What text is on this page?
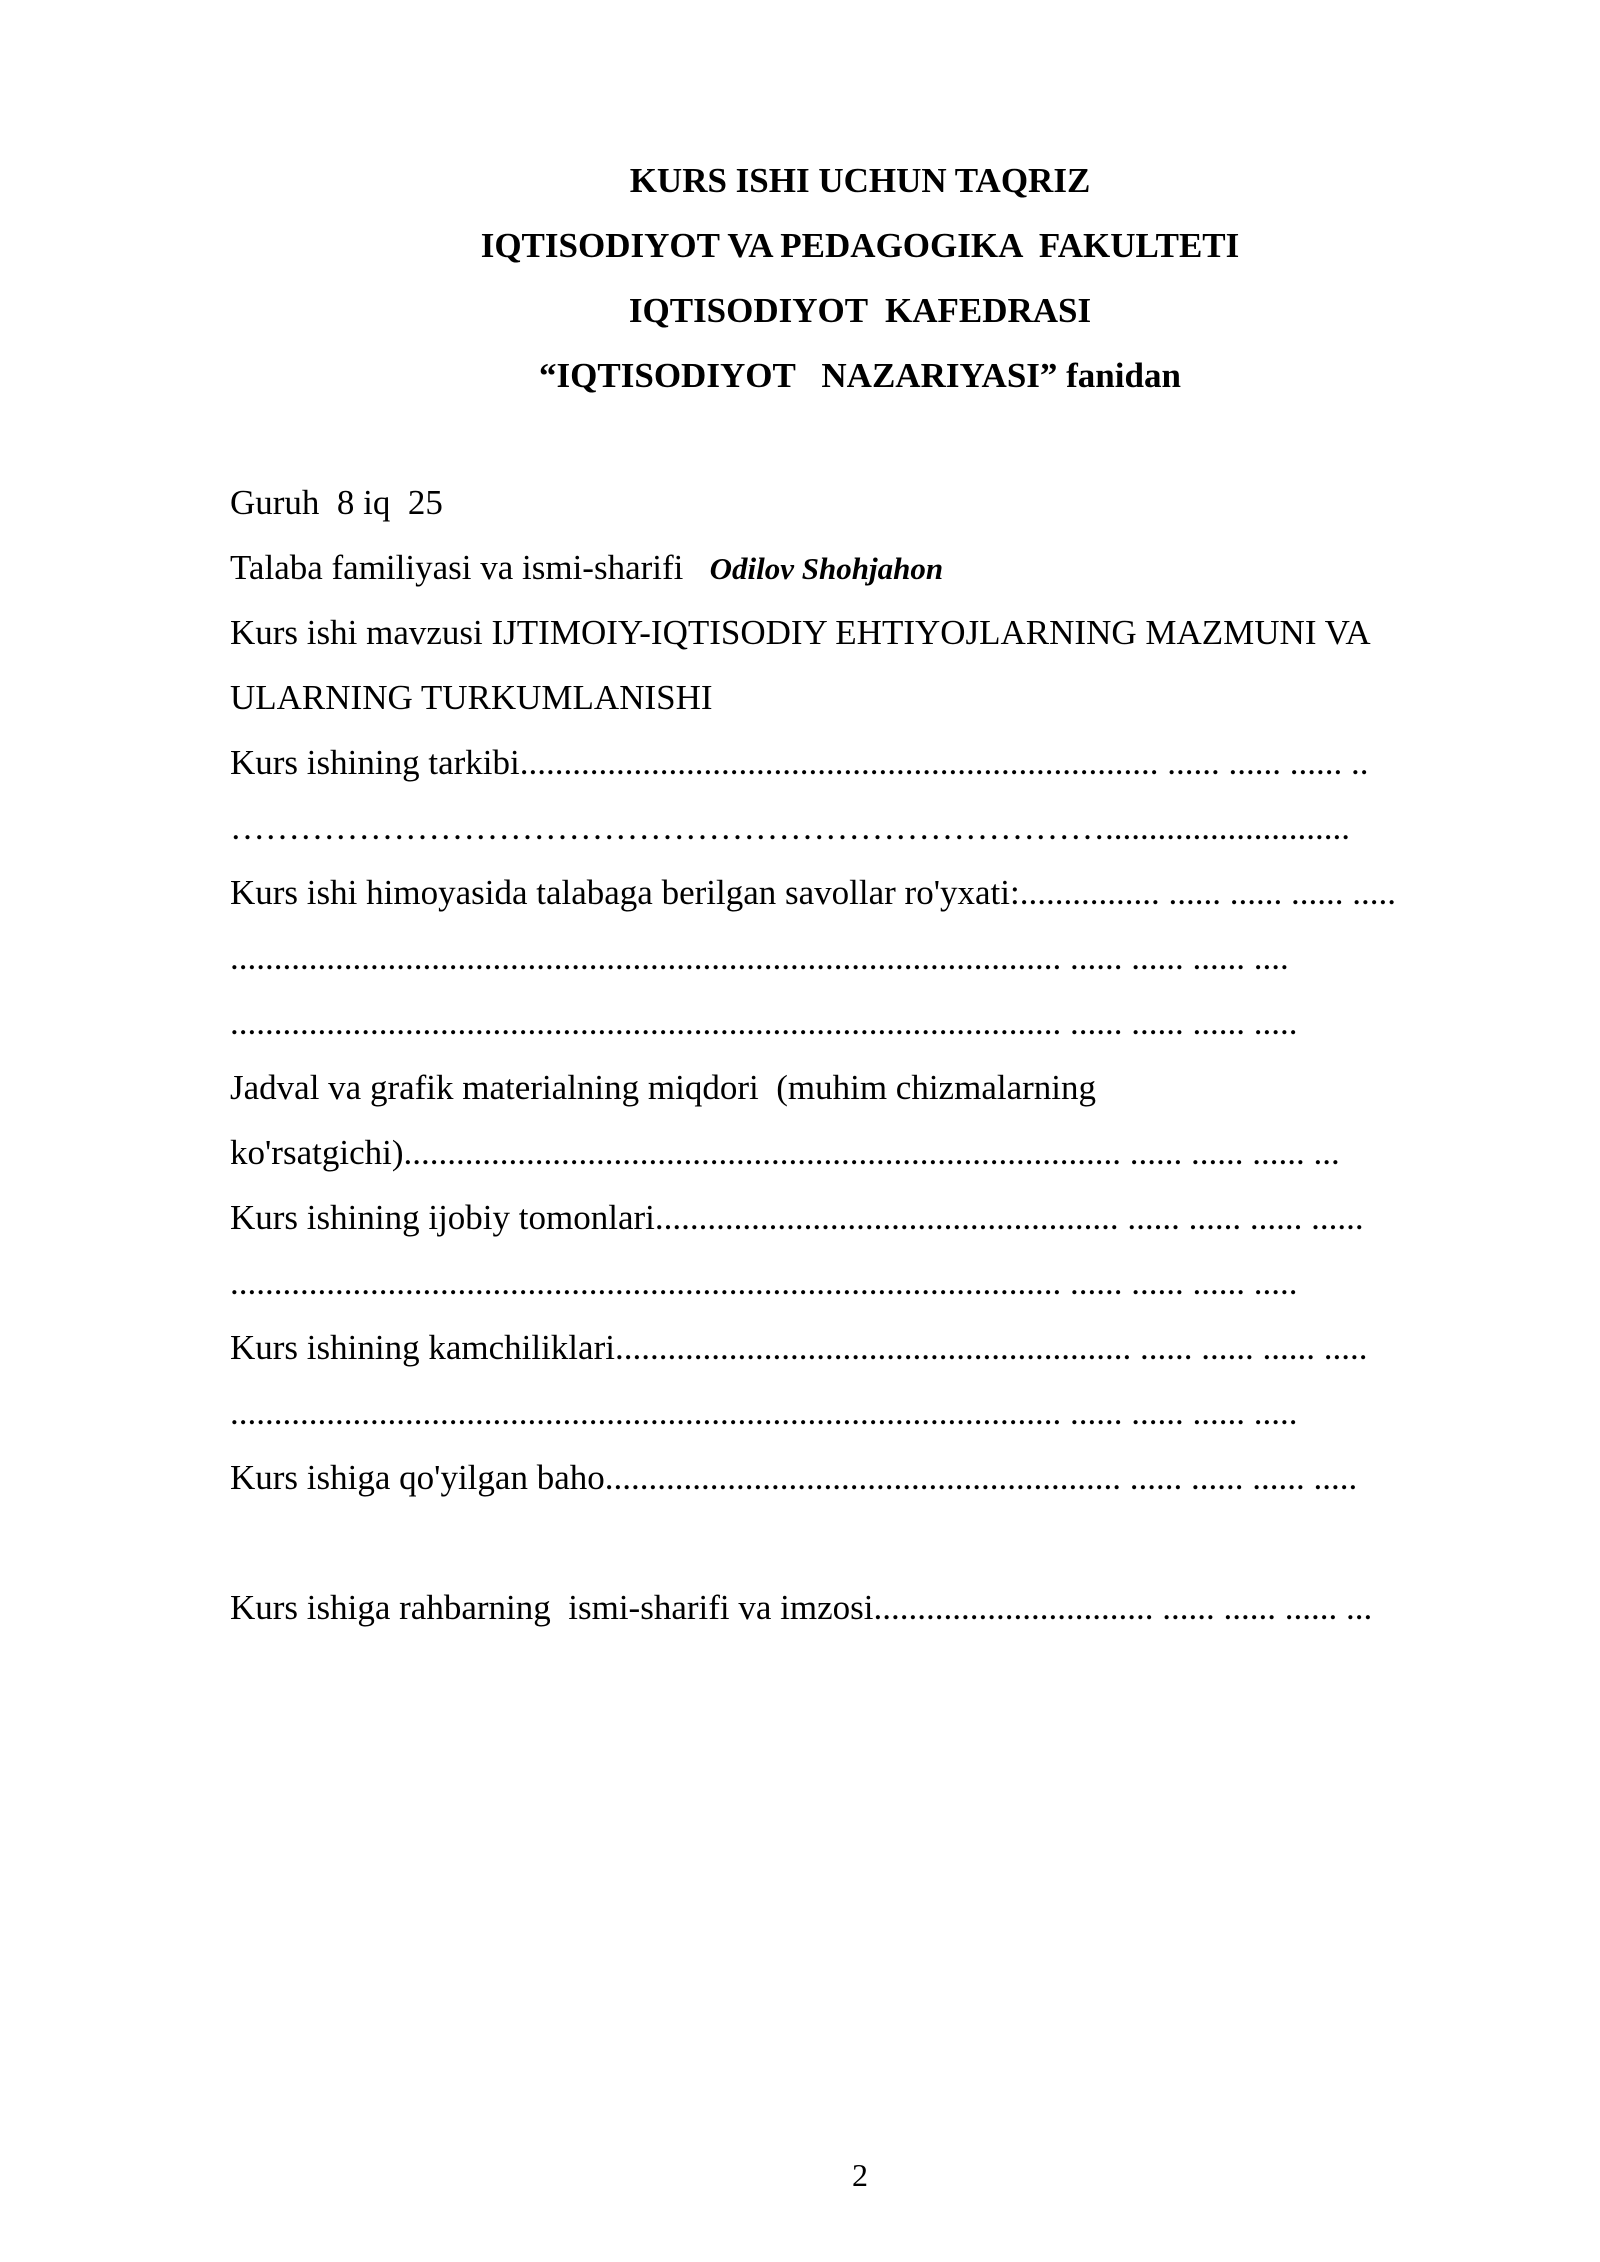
KURS ISHI UCHUN TAQRIZ
IQTISODIYOT VA PEDAGOGIKA  FAKULTETI
IQTISODIYOT  KAFEDRASI
“IQTISODIYOT   NAZARIYASI” fanidan
Guruh  8 iq  25
Talaba familiyasi va ismi-sharifi   Odilov Shohjahon
Kurs ishi mavzusi IJTIMOIY-IQTISODIY EHTIYOJLARNING MAZMUNI VA
ULARNING TURKUMLANISHI
Kurs ishining tarkibi......................................................................... ...... ...... ...... ..
…………………………………………………………………............................
Kurs ishi himoyasida talabaga berilgan savollar ro'yxati:................ ...... ...... ...... .....
............................................................................................... ...... ...... ...... ....
............................................................................................... ...... ...... ...... .....
Jadval va grafik materialning miqdori  (muhim chizmalarning
ko'rsatgichi).................................................................................. ...... ...... ...... ...
Kurs ishining ijobiy tomonlari..................................................... ...... ...... ...... ......
............................................................................................... ...... ...... ...... .....
Kurs ishining kamchiliklari........................................................... ...... ...... ...... .....
............................................................................................... ...... ...... ...... .....
Kurs ishiga qo'yilgan baho........................................................... ...... ...... ...... .....
Kurs ishiga rahbarning  ismi-sharifi va imzosi................................ ...... ...... ...... ...
2
